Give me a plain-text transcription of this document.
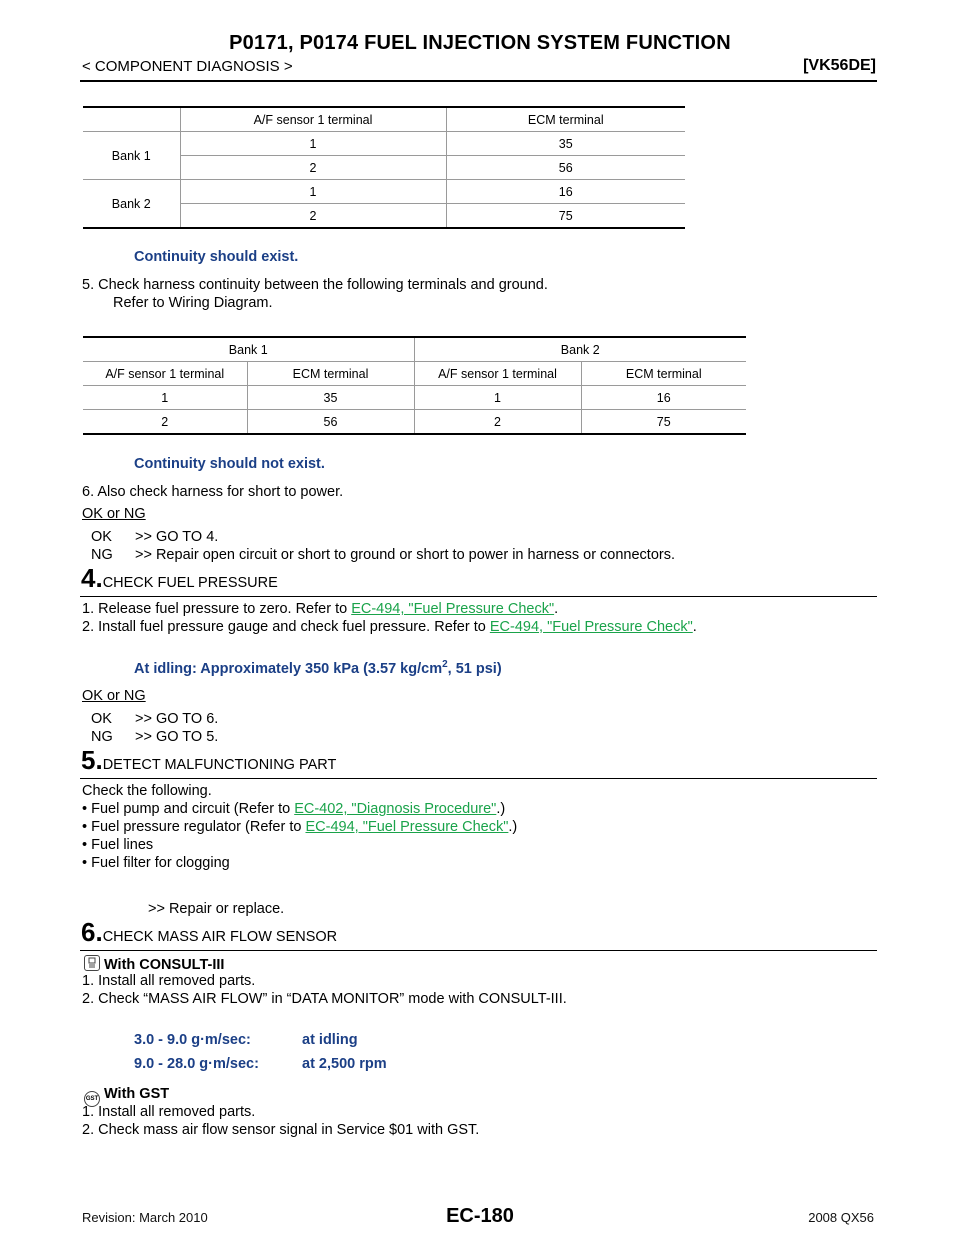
P0171, P0174 FUEL INJECTION SYSTEM FUNCTION
< COMPONENT DIAGNOSIS >	[VK56DE]
	A/F sensor 1 terminal	ECM terminal
Bank 1	1	35
	2	56
Bank 2	1	16
	2	75
Continuity should exist.
5. Check harness continuity between the following terminals and ground.
Refer to Wiring Diagram.
Bank 1		Bank 2	
A/F sensor 1 terminal	ECM terminal	A/F sensor 1 terminal	ECM terminal
1	35	1	16
2	56	2	75
Continuity should not exist.
6. Also check harness for short to power.
OK or NG
OK >> GO TO 4.
NG >> Repair open circuit or short to ground or short to power in harness or connectors.
4.CHECK FUEL PRESSURE
1. Release fuel pressure to zero. Refer to EC-494, "Fuel Pressure Check".
2. Install fuel pressure gauge and check fuel pressure. Refer to EC-494, "Fuel Pressure Check".
At idling: Approximately 350 kPa (3.57 $kg/cm^2$, 51 psi)
OK or NG
OK >> GO TO 6.
NG >> GO TO 5.
5.DETECT MALFUNCTIONING PART
Check the following.
• Fuel pump and circuit (Refer to EC-402, "Diagnosis Procedure".)
• Fuel pressure regulator (Refer to EC-494, "Fuel Pressure Check".)
• Fuel lines
• Fuel filter for clogging
>> Repair or replace.
6.CHECK MASS AIR FLOW SENSOR
With CONSULT-III
1. Install all removed parts.
2. Check “MASS AIR FLOW” in “DATA MONITOR” mode with CONSULT-III.
3.0 - 9.0 g·m/sec:	at idling
9.0 - 28.0 g·m/sec:	at 2,500 rpm
GST With GST
1. Install all removed parts.
2. Check mass air flow sensor signal in Service $01 with GST.
Revision: March 2010	EC-180	2008 QX56
